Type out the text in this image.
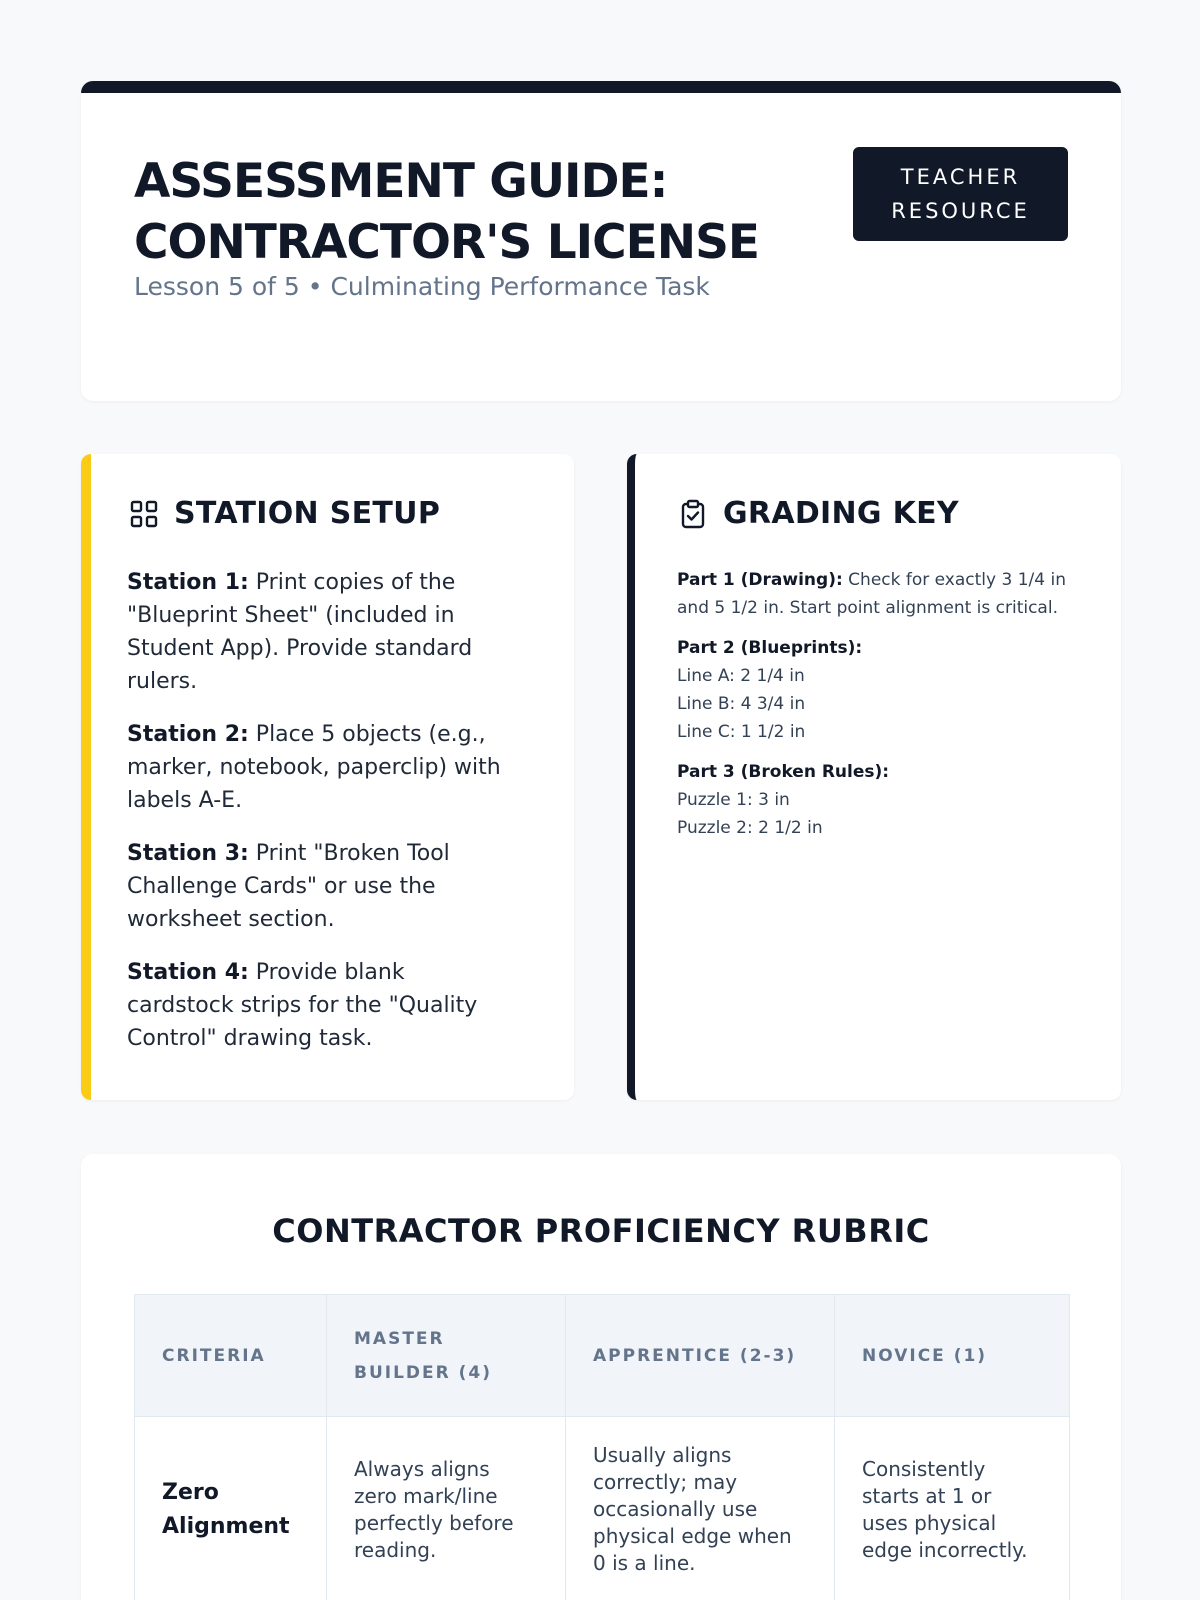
ASSESSMENT GUIDE:
CONTRACTOR'S LICENSE
Lesson 5 of 5 • Culminating Performance Task
TEACHER
RESOURCE
STATION SETUP

Station 1: Print copies of the "Blueprint Sheet" (included in Student App). Provide standard rulers.

Station 2: Place 5 objects (e.g., marker, notebook, paperclip) with labels A-E.

Station 3: Print "Broken Tool Challenge Cards" or use the worksheet section.

Station 4: Provide blank cardstock strips for the "Quality Control" drawing task.

GRADING KEY
Part 1 (Drawing): Check for exactly 3 1/4 in and 5 1/2 in. Start point alignment is critical.
Part 2 (Blueprints):
Line A: 2 1/4 in
Line B: 4 3/4 in
Line C: 1 1/2 in
Part 3 (Broken Rules):
Puzzle 1: 3 in
Puzzle 2: 2 1/2 in
CONTRACTOR PROFICIENCY RUBRIC
CRITERIA	MASTER BUILDER (4)	APPRENTICE (2-3)	NOVICE (1)
Zero Alignment	Always aligns zero mark/line perfectly before reading.	Usually aligns correctly; may occasionally use physical edge when 0 is a line.	Consistently starts at 1 or uses physical edge incorrectly.
